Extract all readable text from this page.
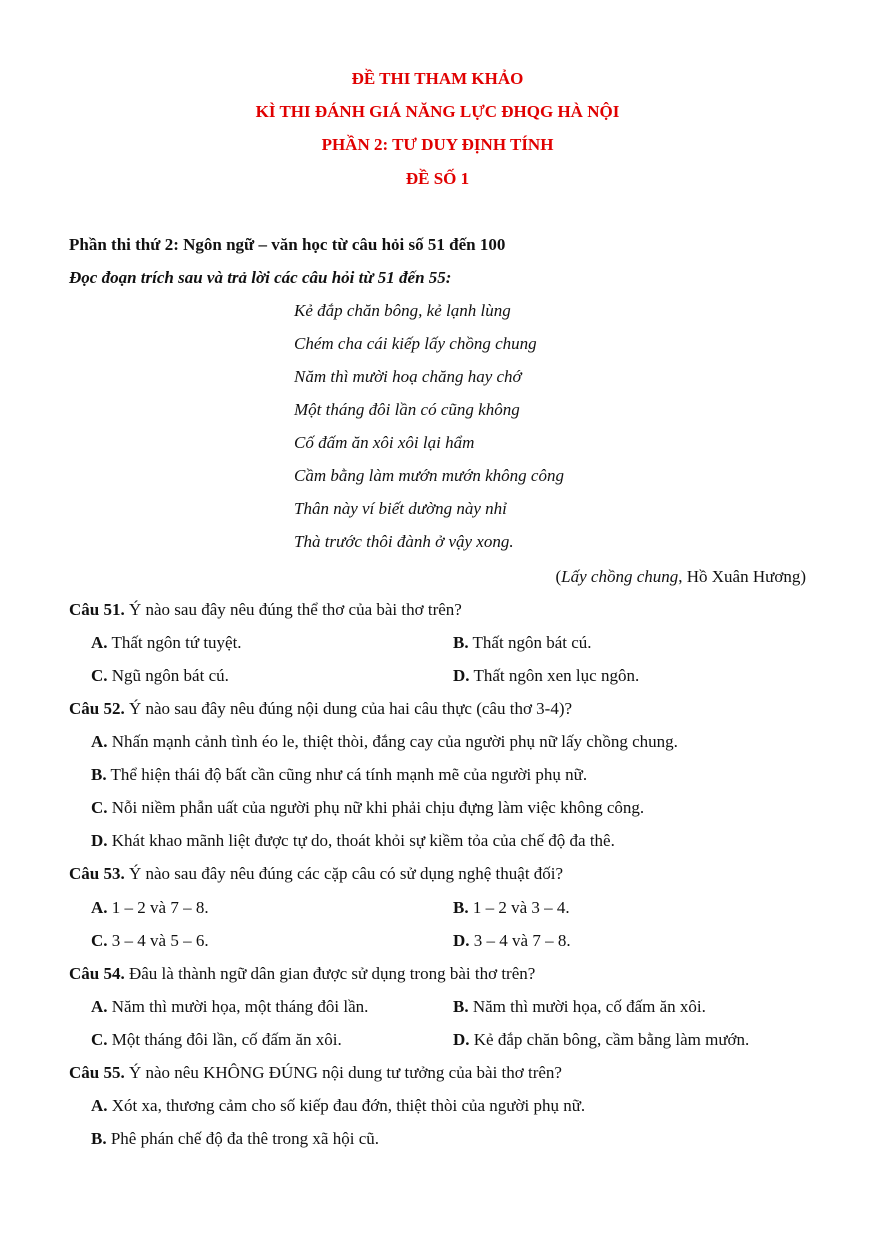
ĐỀ THI THAM KHẢO
KÌ THI ĐÁNH GIÁ NĂNG LỰC ĐHQG HÀ NỘI
PHẦN 2: TƯ DUY ĐỊNH TÍNH
ĐỀ SỐ 1
Phần thi thứ 2: Ngôn ngữ – văn học từ câu hỏi số 51 đến 100
Đọc đoạn trích sau và trả lời các câu hỏi từ 51 đến 55:
Kẻ đắp chăn bông, kẻ lạnh lùng
Chém cha cái kiếp lấy chồng chung
Năm thì mười hoạ chăng hay chớ
Một tháng đôi lần có cũng không
Cố đấm ăn xôi xôi lại hẩm
Cầm bằng làm mướn mướn không công
Thân này ví biết dường này nhỉ
Thà trước thôi đành ở vậy xong.
(Lấy chồng chung, Hồ Xuân Hương)
Câu 51. Ý nào sau đây nêu đúng thể thơ của bài thơ trên?
A. Thất ngôn tứ tuyệt.	B. Thất ngôn bát cú.
C. Ngũ ngôn bát cú.	D. Thất ngôn xen lục ngôn.
Câu 52. Ý nào sau đây nêu đúng nội dung của hai câu thực (câu thơ 3-4)?
A. Nhấn mạnh cảnh tình éo le, thiệt thòi, đắng cay của người phụ nữ lấy chồng chung.
B. Thể hiện thái độ bất cần cũng như cá tính mạnh mẽ của người phụ nữ.
C. Nỗi niềm phẫn uất của người phụ nữ khi phải chịu đựng làm việc không công.
D. Khát khao mãnh liệt được tự do, thoát khỏi sự kiềm tỏa của chế độ đa thê.
Câu 53. Ý nào sau đây nêu đúng các cặp câu có sử dụng nghệ thuật đối?
A. 1 – 2 và 7 – 8.	B. 1 – 2 và 3 – 4.
C. 3 – 4 và 5 – 6.	D. 3 – 4 và 7 – 8.
Câu 54. Đâu là thành ngữ dân gian được sử dụng trong bài thơ trên?
A. Năm thì mười họa, một tháng đôi lần.	B. Năm thì mười họa, cố đấm ăn xôi.
C. Một tháng đôi lần, cố đấm ăn xôi.	D. Kẻ đắp chăn bông, cầm bằng làm mướn.
Câu 55. Ý nào nêu KHÔNG ĐÚNG nội dung tư tưởng của bài thơ trên?
A. Xót xa, thương cảm cho số kiếp đau đớn, thiệt thòi của người phụ nữ.
B. Phê phán chế độ đa thê trong xã hội cũ.
